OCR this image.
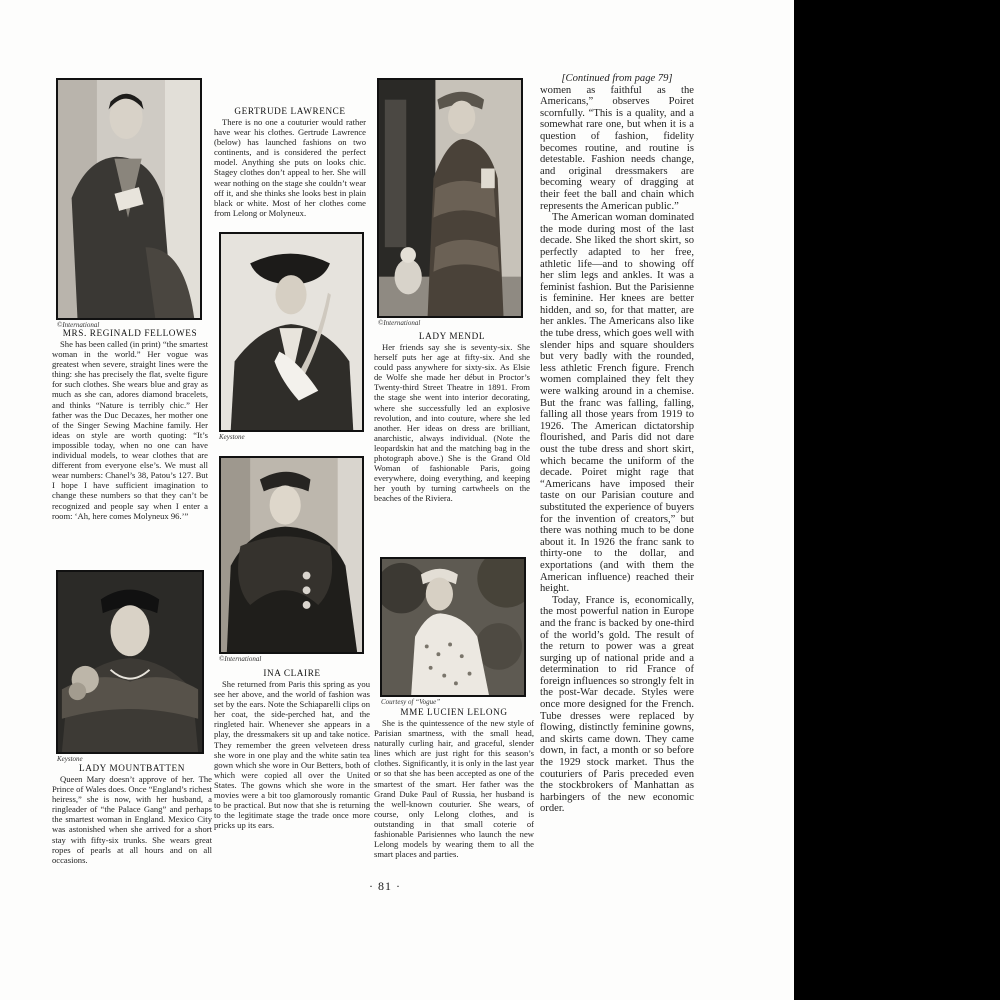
©International
MRS. REGINALD FELLOWES

She has been called (in print) “the smartest woman in the world.” Her vogue was greatest when severe, straight lines were the thing: she has precisely the flat, svelte figure for such clothes. She wears blue and gray as much as she can, adores diamond bracelets, and thinks “Nature is terribly chic.” Her father was the Duc Decazes, her mother one of the Singer Sewing Machine family. Her ideas on style are worth quoting: “It’s impossible today, when no one can have individual models, to wear clothes that are different from everyone else’s. We must all wear numbers: Chanel’s 38, Patou’s 127. But I hope I have sufficient imagination to change these numbers so that they can’t be recognized and people say when I enter a room: ‘Ah, here comes Molyneux 96.’”

GERTRUDE LAWRENCE

There is no one a couturier would rather have wear his clothes. Gertrude Lawrence (below) has launched fashions on two continents, and is considered the perfect model. Anything she puts on looks chic. Stagey clothes don’t appeal to her. She will wear nothing on the stage she couldn’t wear off it, and she thinks she looks best in plain black or white. Most of her clothes come from Lelong or Molyneux.

Keystone
©International
INA CLAIRE

She returned from Paris this spring as you see her above, and the world of fashion was set by the ears. Note the Schiaparelli clips on her coat, the side-perched hat, and the ringleted hair. Whenever she appears in a play, the dressmakers sit up and take notice. They remember the green velveteen dress she wore in one play and the white satin tea gown which she wore in Our Betters, both of which were copied all over the United States. The gowns which she wore in the movies were a bit too glamorously romantic to be practical. But now that she is returning to the legitimate stage the trade once more pricks up its ears.

©International
LADY MENDL

Her friends say she is seventy-six. She herself puts her age at fifty-six. And she could pass anywhere for sixty-six. As Elsie de Wolfe she made her début in Proctor’s Twenty-third Street Theatre in 1891. From the stage she went into interior decorating, where she successfully led an explosive revolution, and into couture, where she led another. Her ideas on dress are brilliant, anarchistic, always individual. (Note the leopardskin hat and the matching bag in the photograph above.) She is the Grand Old Woman of fashionable Paris, going everywhere, doing everything, and keeping her youth by turning cartwheels on the beaches of the Riviera.

Keystone
LADY MOUNTBATTEN

Queen Mary doesn’t approve of her. The Prince of Wales does. Once “England’s richest heiress,” she is now, with her husband, a ringleader of “the Palace Gang” and perhaps the smartest woman in England. Mexico City was astonished when she arrived for a short stay with fifty-six trunks. She wears great ropes of pearls at all hours and on all occasions.

Courtesy of “Vogue”
MME LUCIEN LELONG

She is the quintessence of the new style of Parisian smartness, with the small head, naturally curling hair, and graceful, slender lines which are just right for this season’s clothes. Significantly, it is only in the last year or so that she has been accepted as one of the smartest of the smart. Her father was the Grand Duke Paul of Russia, her husband is the well-known couturier. She wears, of course, only Lelong clothes, and is outstanding in that small coterie of fashionable Parisiennes who launch the new Lelong models by wearing them to all the smart places and parties.

[Continued from page 79]

women as faithful as the Americans,” observes Poiret scornfully. “This is a quality, and a somewhat rare one, but when it is a question of fashion, fidelity becomes routine, and routine is detestable. Fashion needs change, and original dressmakers are becoming weary of dragging at their feet the ball and chain which represents the American public.”

The American woman dominated the mode during most of the last decade. She liked the short skirt, so perfectly adapted to her free, athletic life—and to showing off her slim legs and ankles. It was a feminist fashion. But the Parisienne is feminine. Her knees are better hidden, and so, for that matter, are her ankles. The Americans also like the tube dress, which goes well with slender hips and square shoulders but very badly with the rounded, less athletic French figure. French women complained they felt they were walking around in a chemise. But the franc was falling, falling, falling all those years from 1919 to 1926. The American dictatorship flourished, and Paris did not dare oust the tube dress and short skirt, which became the uniform of the decade. Poiret might rage that “Americans have imposed their taste on our Parisian couture and substituted the experience of buyers for the invention of creators,” but there was nothing much to be done about it. In 1926 the franc sank to thirty-one to the dollar, and exportations (and with them the American influence) reached their height.

Today, France is, economically, the most powerful nation in Europe and the franc is backed by one-third of the world’s gold. The result of the return to power was a great surging up of national pride and a determination to rid France of foreign influences so strongly felt in the post-War decade. Styles were once more designed for the French. Tube dresses were replaced by flowing, distinctly feminine gowns, and skirts came down. They came down, in fact, a month or so before the 1929 stock market. Thus the couturiers of Paris preceded even the stockbrokers of Manhattan as harbingers of the new economic order.

· 81 ·
